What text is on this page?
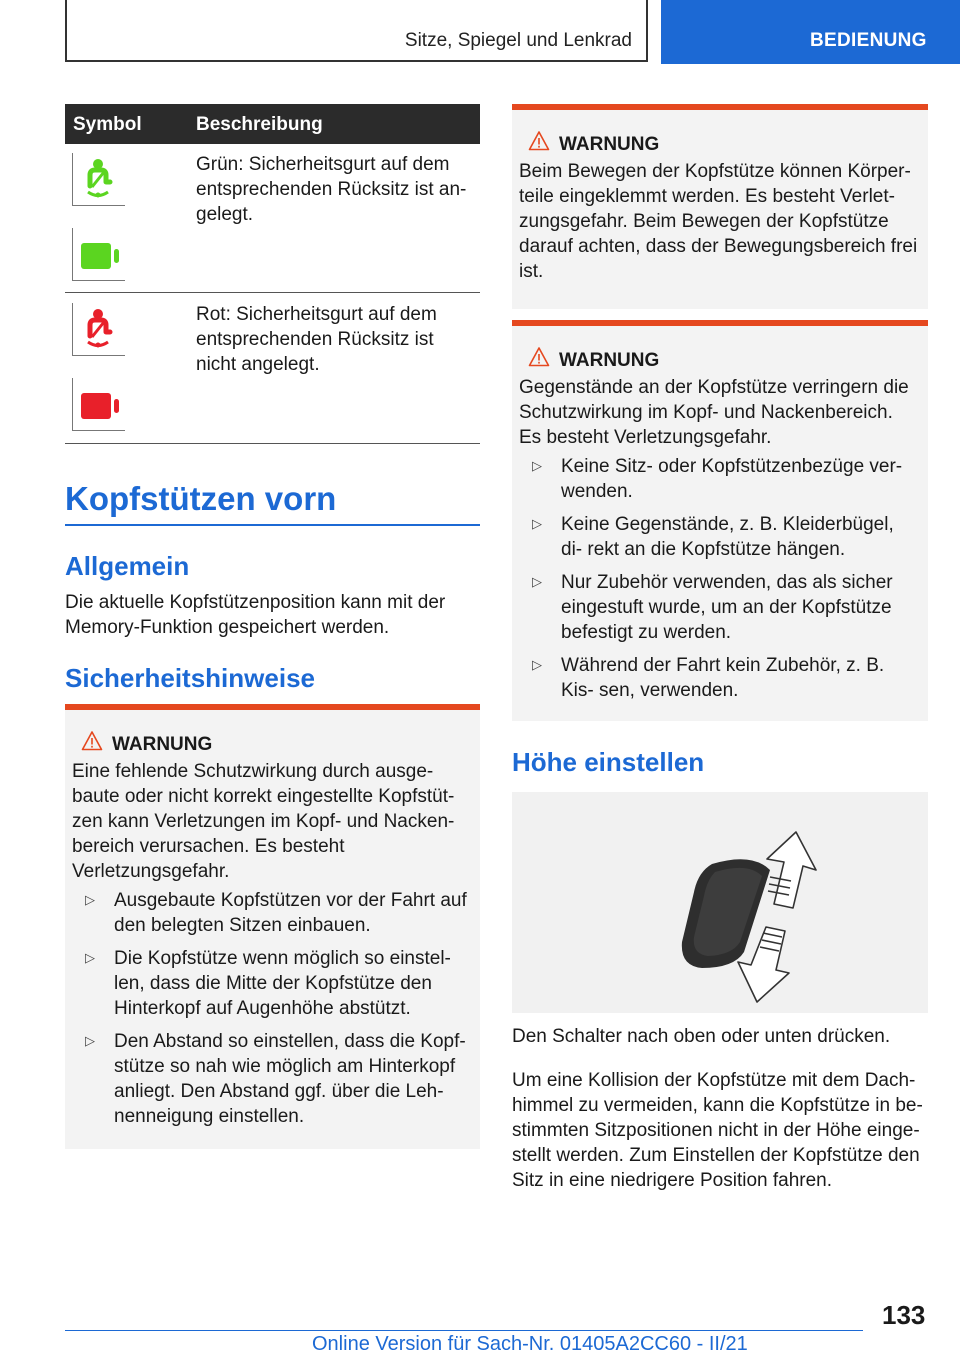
Sitze, Spiegel und Lenkrad	BEDIENUNG
Symbol	Beschreibung
Grün: Sicherheitsgurt auf dem entsprechenden Rücksitz ist an- gelegt.
Rot: Sicherheitsgurt auf dem entsprechenden Rücksitz ist nicht angelegt.
Kopfstützen vorn
Allgemein
Die aktuelle Kopfstützenposition kann mit der Memory-Funktion gespeichert werden.
Sicherheitshinweise
WARNUNG
Eine fehlende Schutzwirkung durch ausge- baute oder nicht korrekt eingestellte Kopfstüt- zen kann Verletzungen im Kopf- und Nacken- bereich verursachen. Es besteht Verletzungsgefahr.
▷ Ausgebaute Kopfstützen vor der Fahrt auf den belegten Sitzen einbauen.
▷ Die Kopfstütze wenn möglich so einstel- len, dass die Mitte der Kopfstütze den Hinterkopf auf Augenhöhe abstützt.
▷ Den Abstand so einstellen, dass die Kopf- stütze so nah wie möglich am Hinterkopf anliegt. Den Abstand ggf. über die Leh- nenneigung einstellen.
WARNUNG
Beim Bewegen der Kopfstütze können Körper- teile eingeklemmt werden. Es besteht Verlet- zungsgefahr. Beim Bewegen der Kopfstütze darauf achten, dass der Bewegungsbereich frei ist.
WARNUNG
Gegenstände an der Kopfstütze verringern die Schutzwirkung im Kopf- und Nackenbereich. Es besteht Verletzungsgefahr.
▷ Keine Sitz- oder Kopfstützenbezüge ver- wenden.
▷ Keine Gegenstände, z. B. Kleiderbügel, di- rekt an die Kopfstütze hängen.
▷ Nur Zubehör verwenden, das als sicher eingestuft wurde, um an der Kopfstütze befestigt zu werden.
▷ Während der Fahrt kein Zubehör, z. B. Kis- sen, verwenden.
Höhe einstellen
Den Schalter nach oben oder unten drücken.
Um eine Kollision der Kopfstütze mit dem Dach- himmel zu vermeiden, kann die Kopfstütze in be- stimmten Sitzpositionen nicht in der Höhe einge- stellt werden. Zum Einstellen der Kopfstütze den Sitz in eine niedrigere Position fahren.
133
Online Version für Sach-Nr. 01405A2CC60 - II/21
